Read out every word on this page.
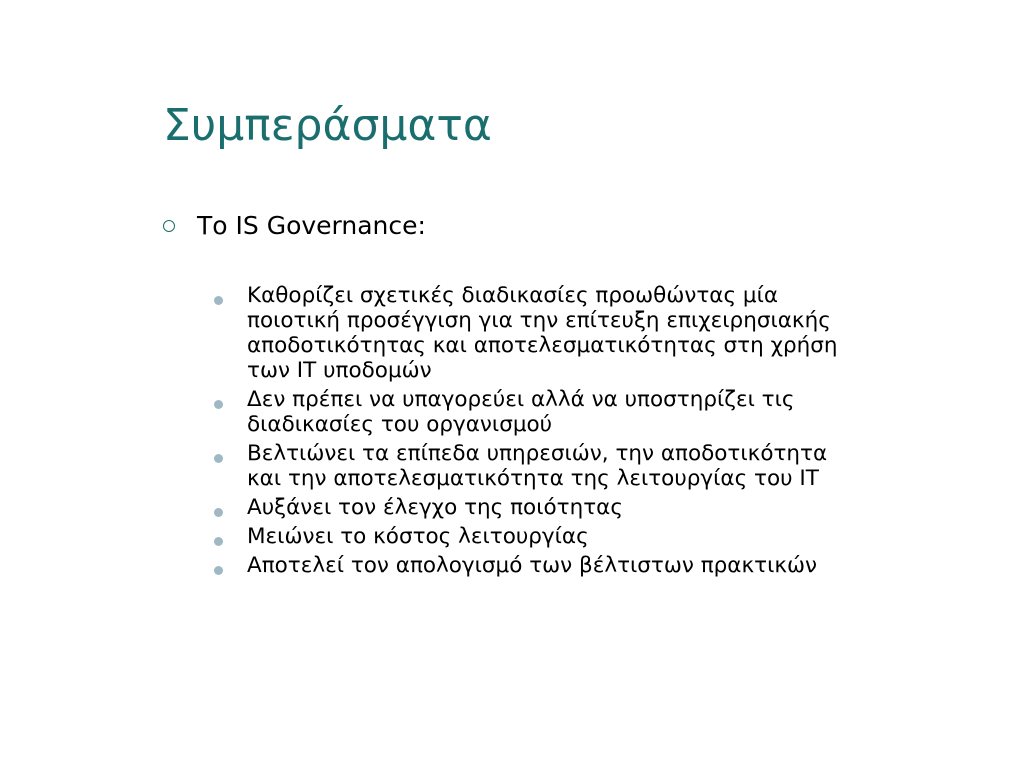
Συμπεράσματα
Το IS Governance:
Καθορίζει σχετικές διαδικασίες προωθώντας μία
ποιοτική προσέγγιση για την επίτευξη επιχειρησιακής
αποδοτικότητας και αποτελεσματικότητας στη χρήση
των IT υποδομών
Δεν πρέπει να υπαγορεύει αλλά να υποστηρίζει τις
διαδικασίες του οργανισμού
Βελτιώνει τα επίπεδα υπηρεσιών, την αποδοτικότητα
και την αποτελεσματικότητα της λειτουργίας του IT
Αυξάνει τον έλεγχο της ποιότητας
Μειώνει το κόστος λειτουργίας
Αποτελεί τον απολογισμό των βέλτιστων πρακτικών
